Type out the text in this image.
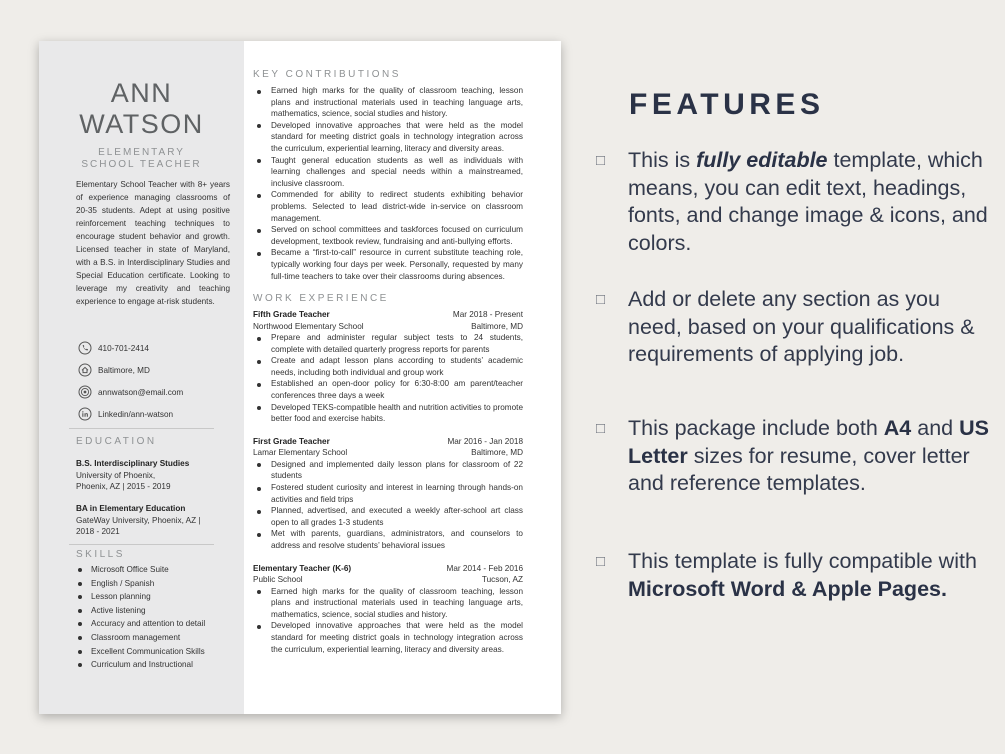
ANN
WATSON
ELEMENTARY
SCHOOL TEACHER

Elementary School Teacher with 8+ years of experience managing classrooms of 20-35 students. Adept at using positive reinforcement teaching techniques to encourage student behavior and growth. Licensed teacher in state of Maryland, with a B.S. in Interdisciplinary Studies and Special Education certificate. Looking to leverage my creativity and teaching experience to engage at-risk students.

410-701-2414
Baltimore, MD
annwatson@email.com
Linkedin/ann-watson
EDUCATION
B.S. Interdisciplinary Studies
University of Phoenix,
Phoenix, AZ | 2015 - 2019
BA in Elementary Education
GateWay University, Phoenix, AZ |
2018 - 2021
SKILLS
Microsoft Office Suite
English / Spanish
Lesson planning
Active listening
Accuracy and attention to detail
Classroom management
Excellent Communication Skills
Curriculum and Instructional
KEY CONTRIBUTIONS
Earned high marks for the quality of classroom teaching, lesson plans and instructional materials used in teaching language arts, mathematics, science, social studies and history.
Developed innovative approaches that were held as the model standard for meeting district goals in technology integration across the curriculum, experiential learning, literacy and diversity areas.
Taught general education students as well as individuals with learning challenges and special needs within a mainstreamed, inclusive classroom.
Commended for ability to redirect students exhibiting behavior problems. Selected to lead district-wide in-service on classroom management.
Served on school committees and taskforces focused on curriculum development, textbook review, fundraising and anti-bullying efforts.
Became a “first-to-call” resource in current substitute teaching role, typically working four days per week. Personally, requested by many full-time teachers to take over their classrooms during absences.
WORK EXPERIENCE
Fifth Grade Teacher	Mar 2018 - Present
Northwood Elementary School	Baltimore, MD
Prepare and administer regular subject tests to 24 students, complete with detailed quarterly progress reports for parents
Create and adapt lesson plans according to students’ academic needs, including both individual and group work
Established an open-door policy for 6:30-8:00 am parent/teacher conferences three days a week
Developed TEKS-compatible health and nutrition activities to promote better food and exercise habits.
First Grade Teacher	Mar 2016 - Jan 2018
Lamar Elementary School	Baltimore, MD
Designed and implemented daily lesson plans for classroom of 22 students
Fostered student curiosity and interest in learning through hands-on activities and field trips
Planned, advertised, and executed a weekly after-school art class open to all grades 1-3 students
Met with parents, guardians, administrators, and counselors to address and resolve students’ behavioral issues
Elementary Teacher (K-6)	Mar 2014 - Feb 2016
Public School	Tucson, AZ
Earned high marks for the quality of classroom teaching, lesson plans and instructional materials used in teaching language arts, mathematics, science, social studies and history.
Developed innovative approaches that were held as the model standard for meeting district goals in technology integration across the curriculum, experiential learning, literacy and diversity areas.
FEATURES
□	This is fully editable template, which means, you can edit text, headings, fonts, and change image & icons, and colors.
□	Add or delete any section as you need, based on your qualifications & requirements of applying job.
□	This package include both A4 and US Letter sizes for resume, cover letter and reference templates.
□	This template is fully compatible with Microsoft Word & Apple Pages.
